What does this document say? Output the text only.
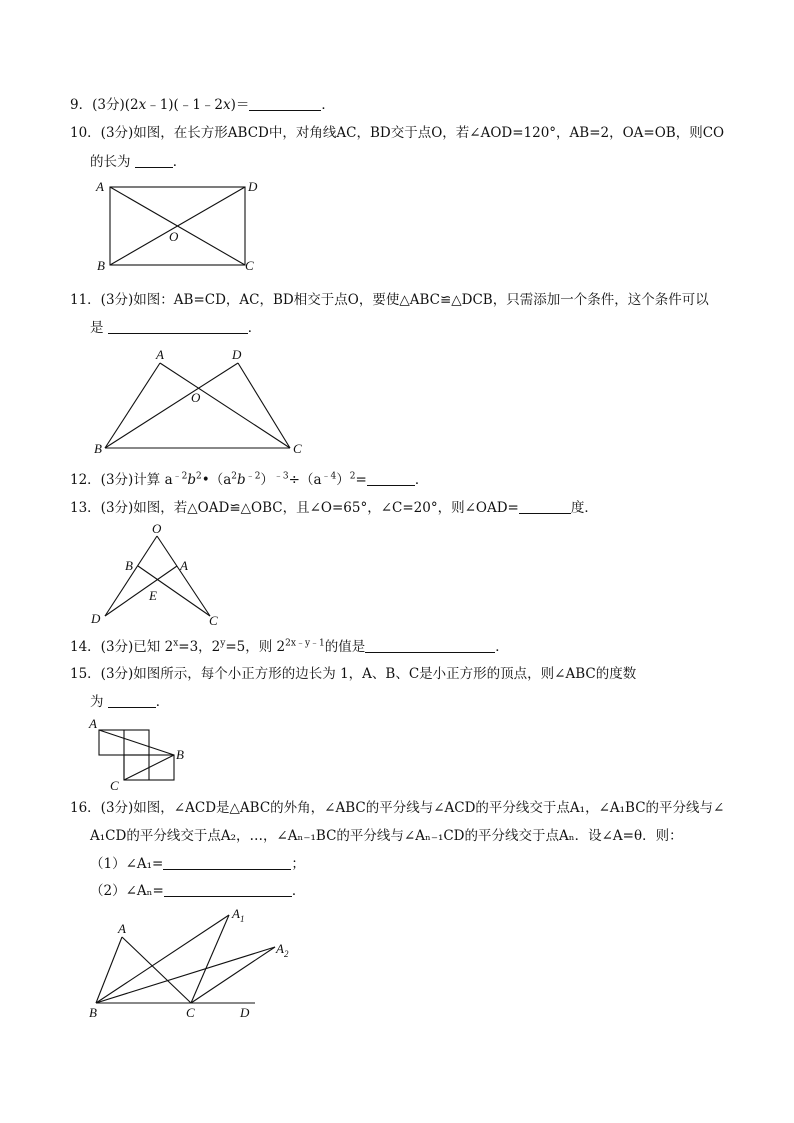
9．(3分)(2x﹣1)(﹣1﹣2x)＝	．
10．(3分)如图，在长方形ABCD中，对角线AC，BD交于点O，若∠AOD=120°，AB=2，OA=OB，则CO
的长为	．
A	D
B	C
O
11．(3分)如图：AB=CD，AC，BD相交于点O，要使△ABC≌△DCB，只需添加一个条件，这个条件可以
是	．
A	D
B	C
O
12．(3分)计算 $a^{﹣2}b^2•(a^2b^{﹣2})^{﹣3}\div(a^{﹣4})^2=$	．
13．(3分)如图，若△OAD≌△OBC，且∠O=65°，∠C=20°，则∠OAD=	度．
O
B	A
E
D	C
14．(3分)已知 $2^x=3$，$2^y=5$，则 $2^{2x﹣y﹣1}$的值是	．
15．(3分)如图所示，每个小正方形的边长为 1，A、B、C是小正方形的顶点，则∠ABC的度数
为	．
A
B
C
16．(3分)如图，∠ACD是△ABC的外角，∠ABC的平分线与∠ACD的平分线交于点A₁，∠A₁BC的平分线与∠
A₁CD的平分线交于点A₂，…，∠Aₙ₋₁BC的平分线与∠Aₙ₋₁CD的平分线交于点Aₙ．设∠A=θ．则：
（1）∠A₁=	；
（2）∠Aₙ=	．
A
$A_1$
$A_2$
B	C	D
